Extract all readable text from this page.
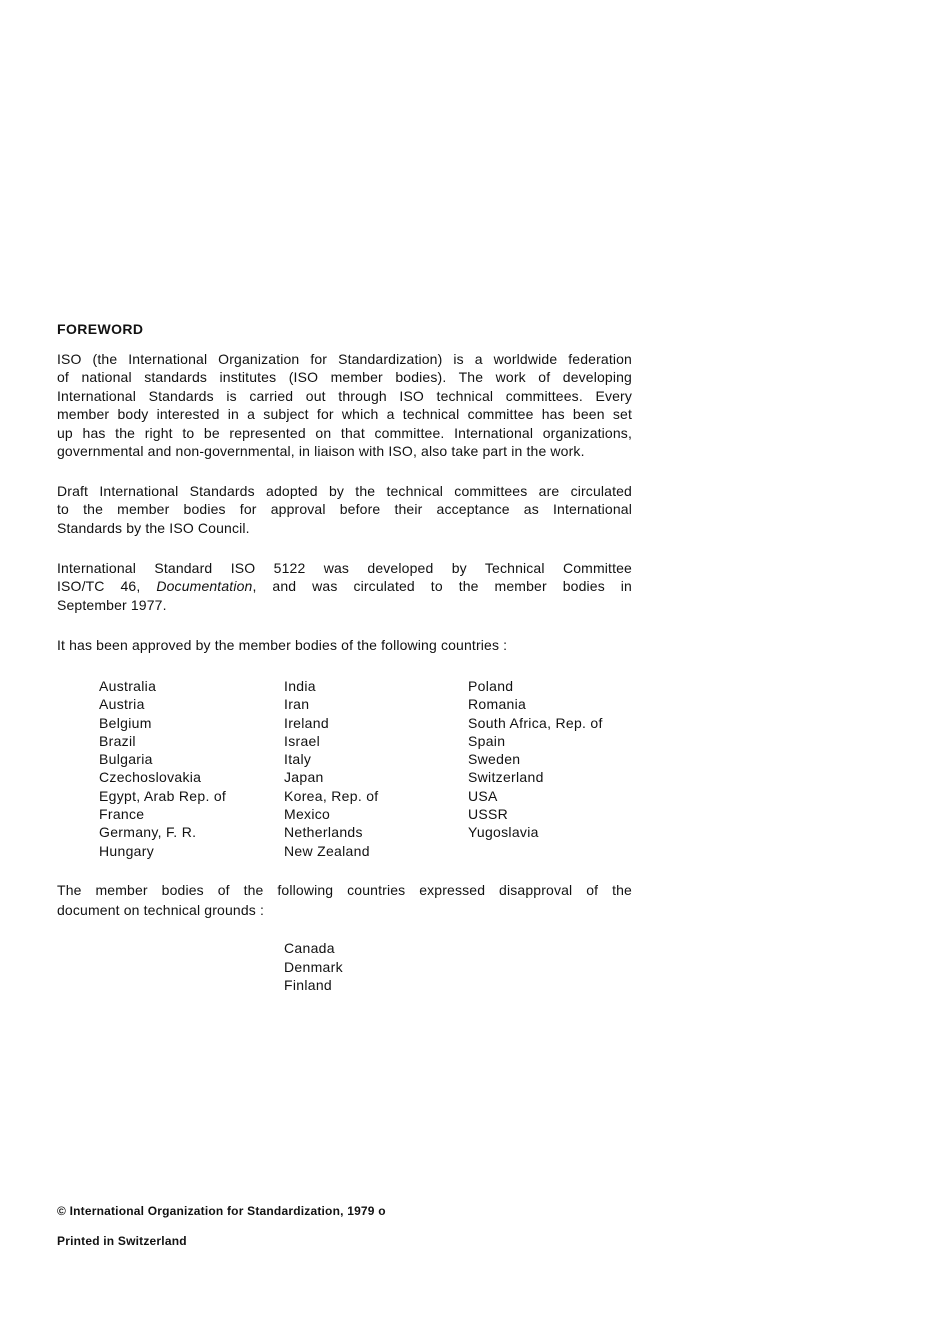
FOREWORD
ISO (the International Organization for Standardization) is a worldwide federation
of national standards institutes (ISO member bodies). The work of developing
International Standards is carried out through ISO technical committees. Every
member body interested in a subject for which a technical committee has been set
up has the right to be represented on that committee. International organizations,
governmental and non-governmental, in liaison with ISO, also take part in the work.
Draft International Standards adopted by the technical committees are circulated
to the member bodies for approval before their acceptance as International
Standards by the ISO Council.
International Standard ISO 5122 was developed by Technical Committee
ISO/TC 46, Documentation, and was circulated to the member bodies in
September 1977.
It has been approved by the member bodies of the following countries :
Australia
Austria
Belgium
Brazil
Bulgaria
Czechoslovakia
Egypt, Arab Rep. of
France
Germany, F. R.
Hungary
India
Iran
Ireland
Israel
Italy
Japan
Korea, Rep. of
Mexico
Netherlands
New Zealand
Poland
Romania
South Africa, Rep. of
Spain
Sweden
Switzerland
USA
USSR
Yugoslavia
The member bodies of the following countries expressed disapproval of the
document on technical grounds :
Canada
Denmark
Finland
© International Organization for Standardization, 1979 o
Printed in Switzerland
